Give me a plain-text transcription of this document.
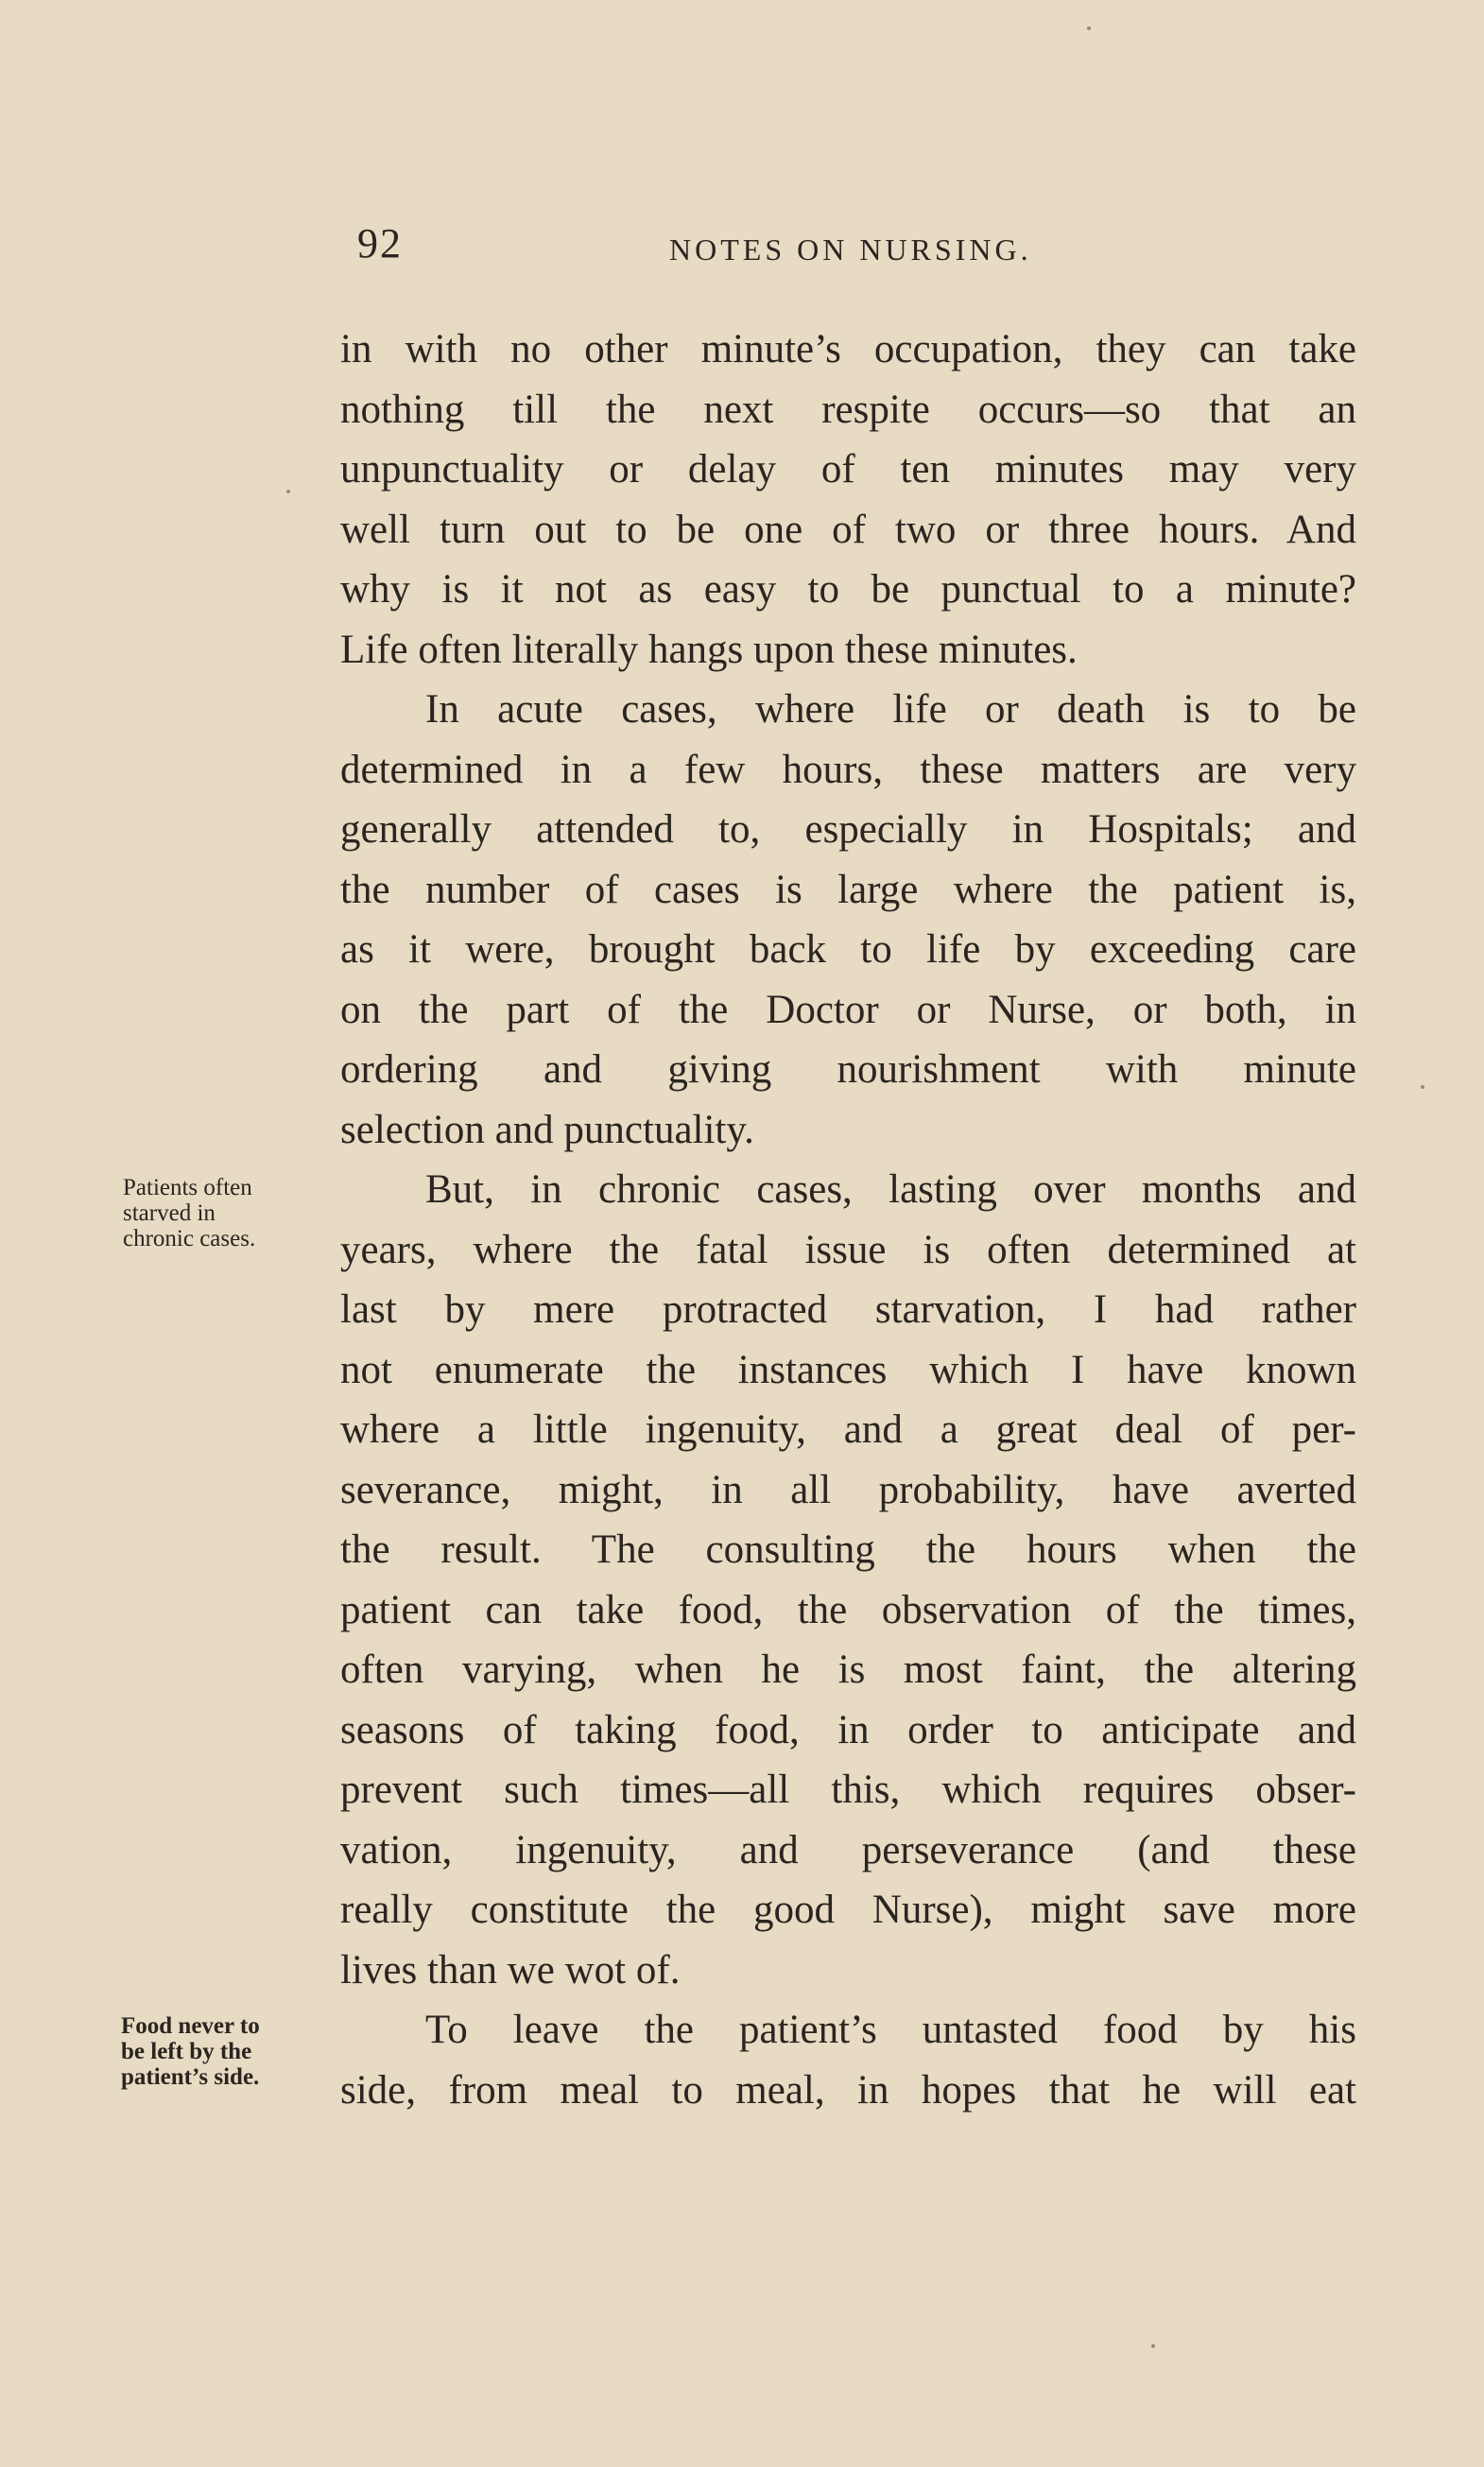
92	NOTES ON NURSING.
Patients often
starved in
chronic cases.
Food never to
be left by the
patient’s side.
in with no other minute’s occupation, they can take
nothing till the next respite occurs—so that an
unpunctuality or delay of ten minutes may very
well turn out to be one of two or three hours. And
why is it not as easy to be punctual to a minute?
Life often literally hangs upon these minutes.
In acute cases, where life or death is to be
determined in a few hours, these matters are very
generally attended to, especially in Hospitals; and
the number of cases is large where the patient is,
as it were, brought back to life by exceeding care
on the part of the Doctor or Nurse, or both, in
ordering and giving nourishment with minute
selection and punctuality.
But, in chronic cases, lasting over months and
years, where the fatal issue is often determined at
last by mere protracted starvation, I had rather
not enumerate the instances which I have known
where a little ingenuity, and a great deal of per-
severance, might, in all probability, have averted
the result. The consulting the hours when the
patient can take food, the observation of the times,
often varying, when he is most faint, the altering
seasons of taking food, in order to anticipate and
prevent such times—all this, which requires obser-
vation, ingenuity, and perseverance (and these
really constitute the good Nurse), might save more
lives than we wot of.
To leave the patient’s untasted food by his
side, from meal to meal, in hopes that he will eat
